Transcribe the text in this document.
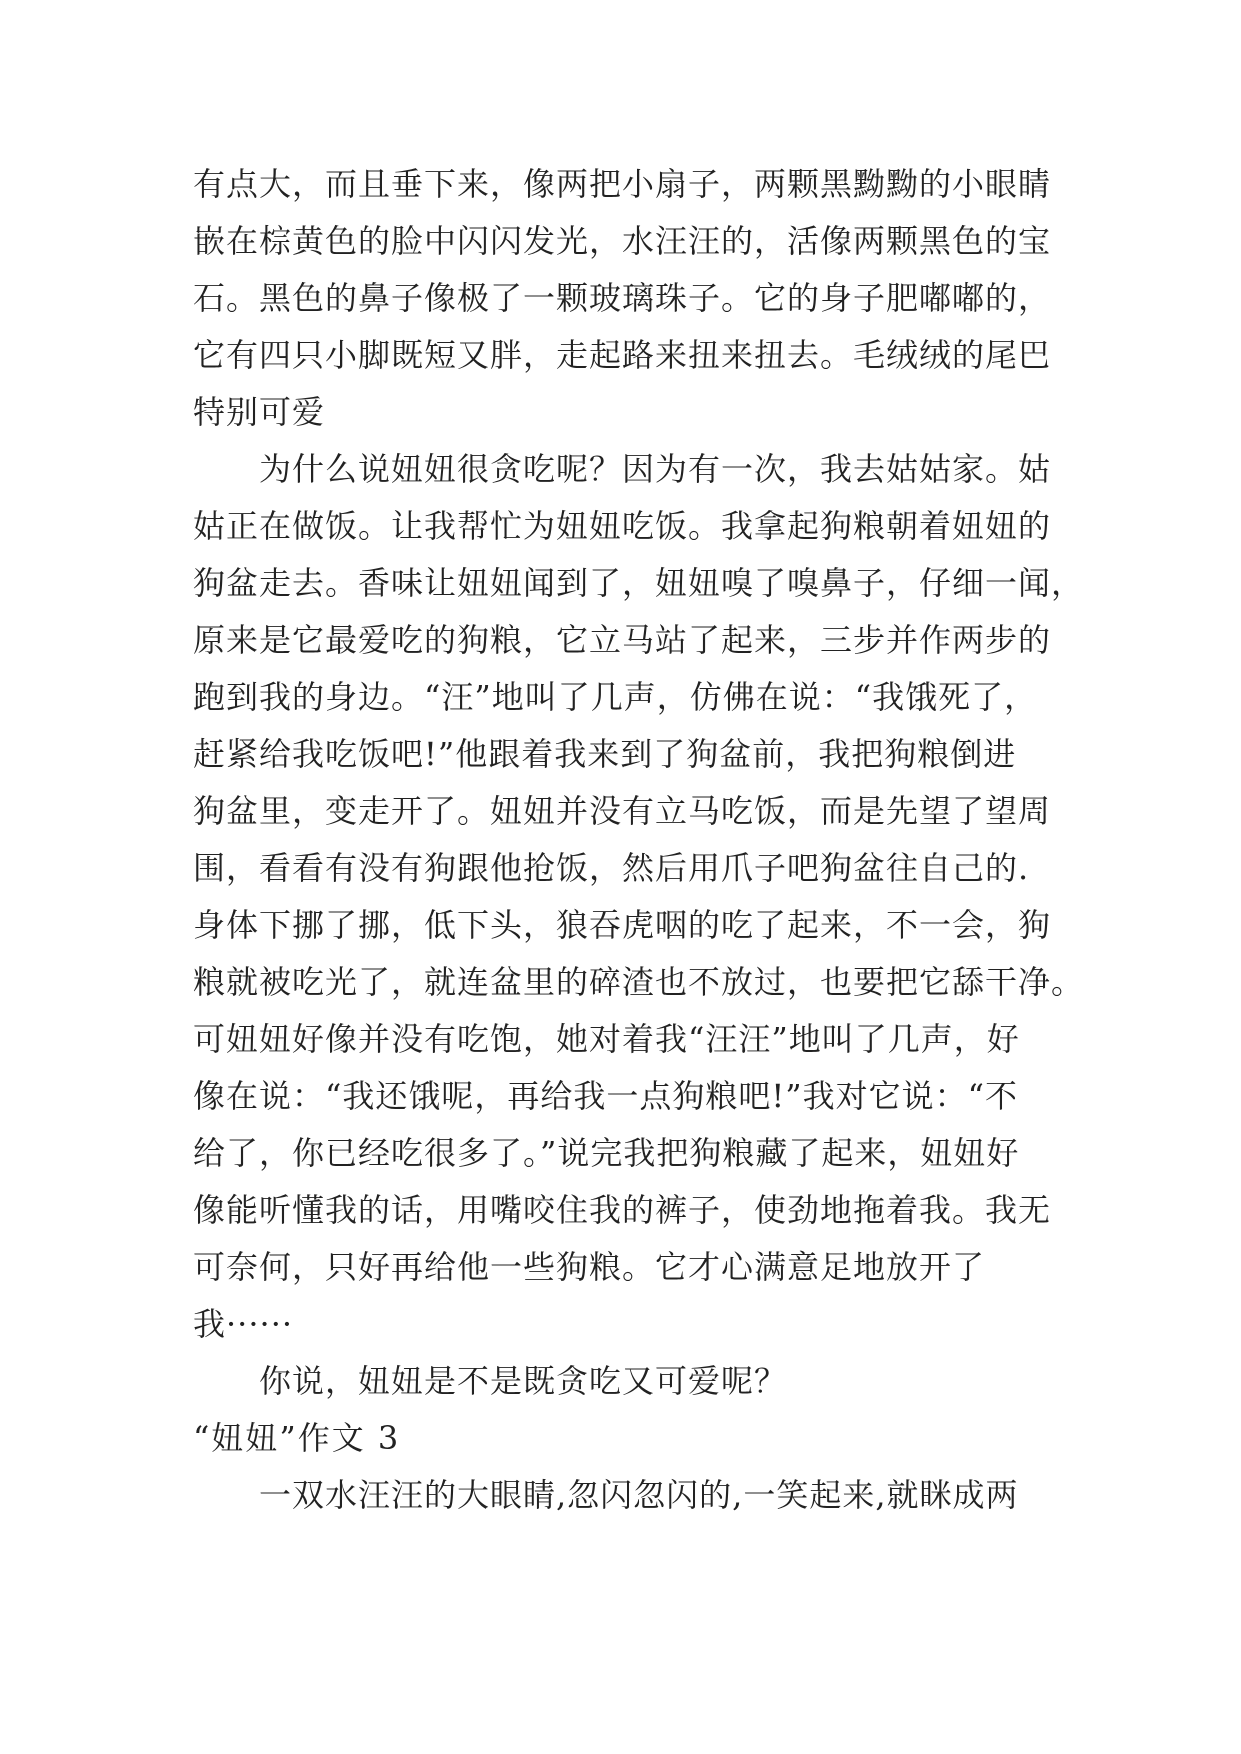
有点大，而且垂下来，像两把小扇子，两颗黑黝黝的小眼睛
嵌在棕黄色的脸中闪闪发光，水汪汪的，活像两颗黑色的宝
石。黑色的鼻子像极了一颗玻璃珠子。它的身子肥嘟嘟的，
它有四只小脚既短又胖，走起路来扭来扭去。毛绒绒的尾巴
特别可爱
为什么说妞妞很贪吃呢？因为有一次，我去姑姑家。姑
姑正在做饭。让我帮忙为妞妞吃饭。我拿起狗粮朝着妞妞的
狗盆走去。香味让妞妞闻到了，妞妞嗅了嗅鼻子，仔细一闻，
原来是它最爱吃的狗粮，它立马站了起来，三步并作两步的
跑到我的身边。“汪”地叫了几声，仿佛在说：“我饿死了，
赶紧给我吃饭吧!”他跟着我来到了狗盆前，我把狗粮倒进
狗盆里，变走开了。妞妞并没有立马吃饭，而是先望了望周
围，看看有没有狗跟他抢饭，然后用爪子吧狗盆往自己的.
身体下挪了挪，低下头，狼吞虎咽的吃了起来，不一会，狗
粮就被吃光了，就连盆里的碎渣也不放过，也要把它舔干净。
可妞妞好像并没有吃饱，她对着我“汪汪”地叫了几声，好
像在说：“我还饿呢，再给我一点狗粮吧!”我对它说：“不
给了，你已经吃很多了。”说完我把狗粮藏了起来，妞妞好
像能听懂我的话，用嘴咬住我的裤子，使劲地拖着我。我无
可奈何，只好再给他一些狗粮。它才心满意足地放开了
我······
你说，妞妞是不是既贪吃又可爱呢？
“妞妞”作文 3
一双水汪汪的大眼睛,忽闪忽闪的,一笑起来,就眯成两
